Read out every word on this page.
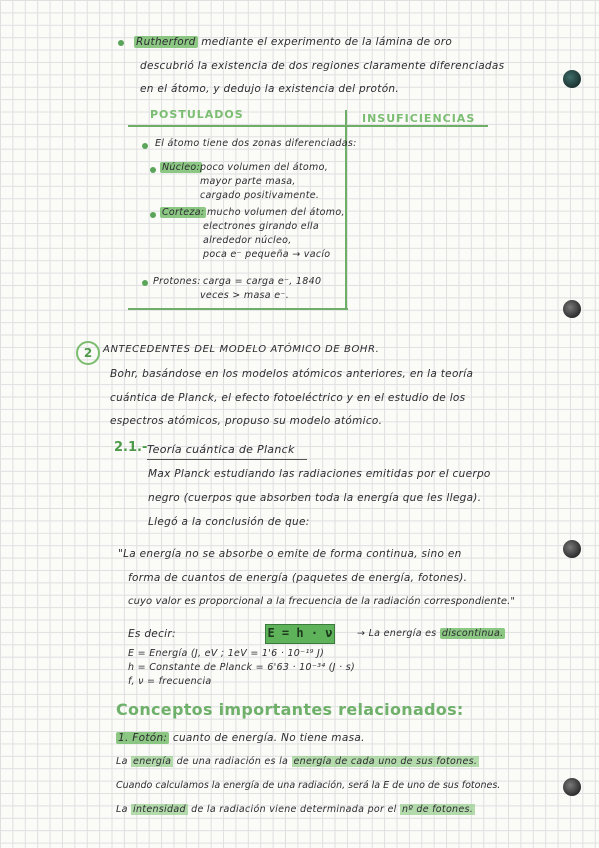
Rutherford mediante el experimento de la lámina de oro
descubrió la existencia de dos regiones claramente diferenciadas
en el átomo, y dedujo la existencia del protón.
POSTULADOS	INSUFICIENCIAS
El átomo tiene dos zonas diferenciadas:
Núcleo: poco volumen del átomo,
mayor parte masa,
cargado positivamente.
Corteza: mucho volumen del átomo,
electrones girando ella
alrededor núcleo,
poca e⁻ pequeña → vacío
Protones: carga = carga e⁻, 1840
veces > masa e⁻.
2	ANTECEDENTES DEL MODELO ATÓMICO DE BOHR.
Bohr, basándose en los modelos atómicos anteriores, en la teoría
cuántica de Planck, el efecto fotoeléctrico y en el estudio de los
espectros atómicos, propuso su modelo atómico.
2.1.- Teoría cuántica de Planck
Max Planck estudiando las radiaciones emitidas por el cuerpo
negro (cuerpos que absorben toda la energía que les llega).
Llegó a la conclusión de que:
"La energía no se absorbe o emite de forma continua, sino en
forma de cuantos de energía (paquetes de energía, fotones).
cuyo valor es proporcional a la frecuencia de la radiación correspondiente."
Es decir:	E = h · ν	→ La energía es discontinua.
E = Energía (J, eV ; 1eV = 1'6 · 10⁻¹⁹ J)
h = Constante de Planck = 6'63 · 10⁻³⁴ (J · s)
f, ν = frecuencia
Conceptos importantes relacionados:
1. Fotón: cuanto de energía. No tiene masa.
La energía de una radiación es la energía de cada uno de sus fotones.
Cuando calculamos la energía de una radiación, será la E de uno de sus fotones.
La intensidad de la radiación viene determinada por el nº de fotones.
